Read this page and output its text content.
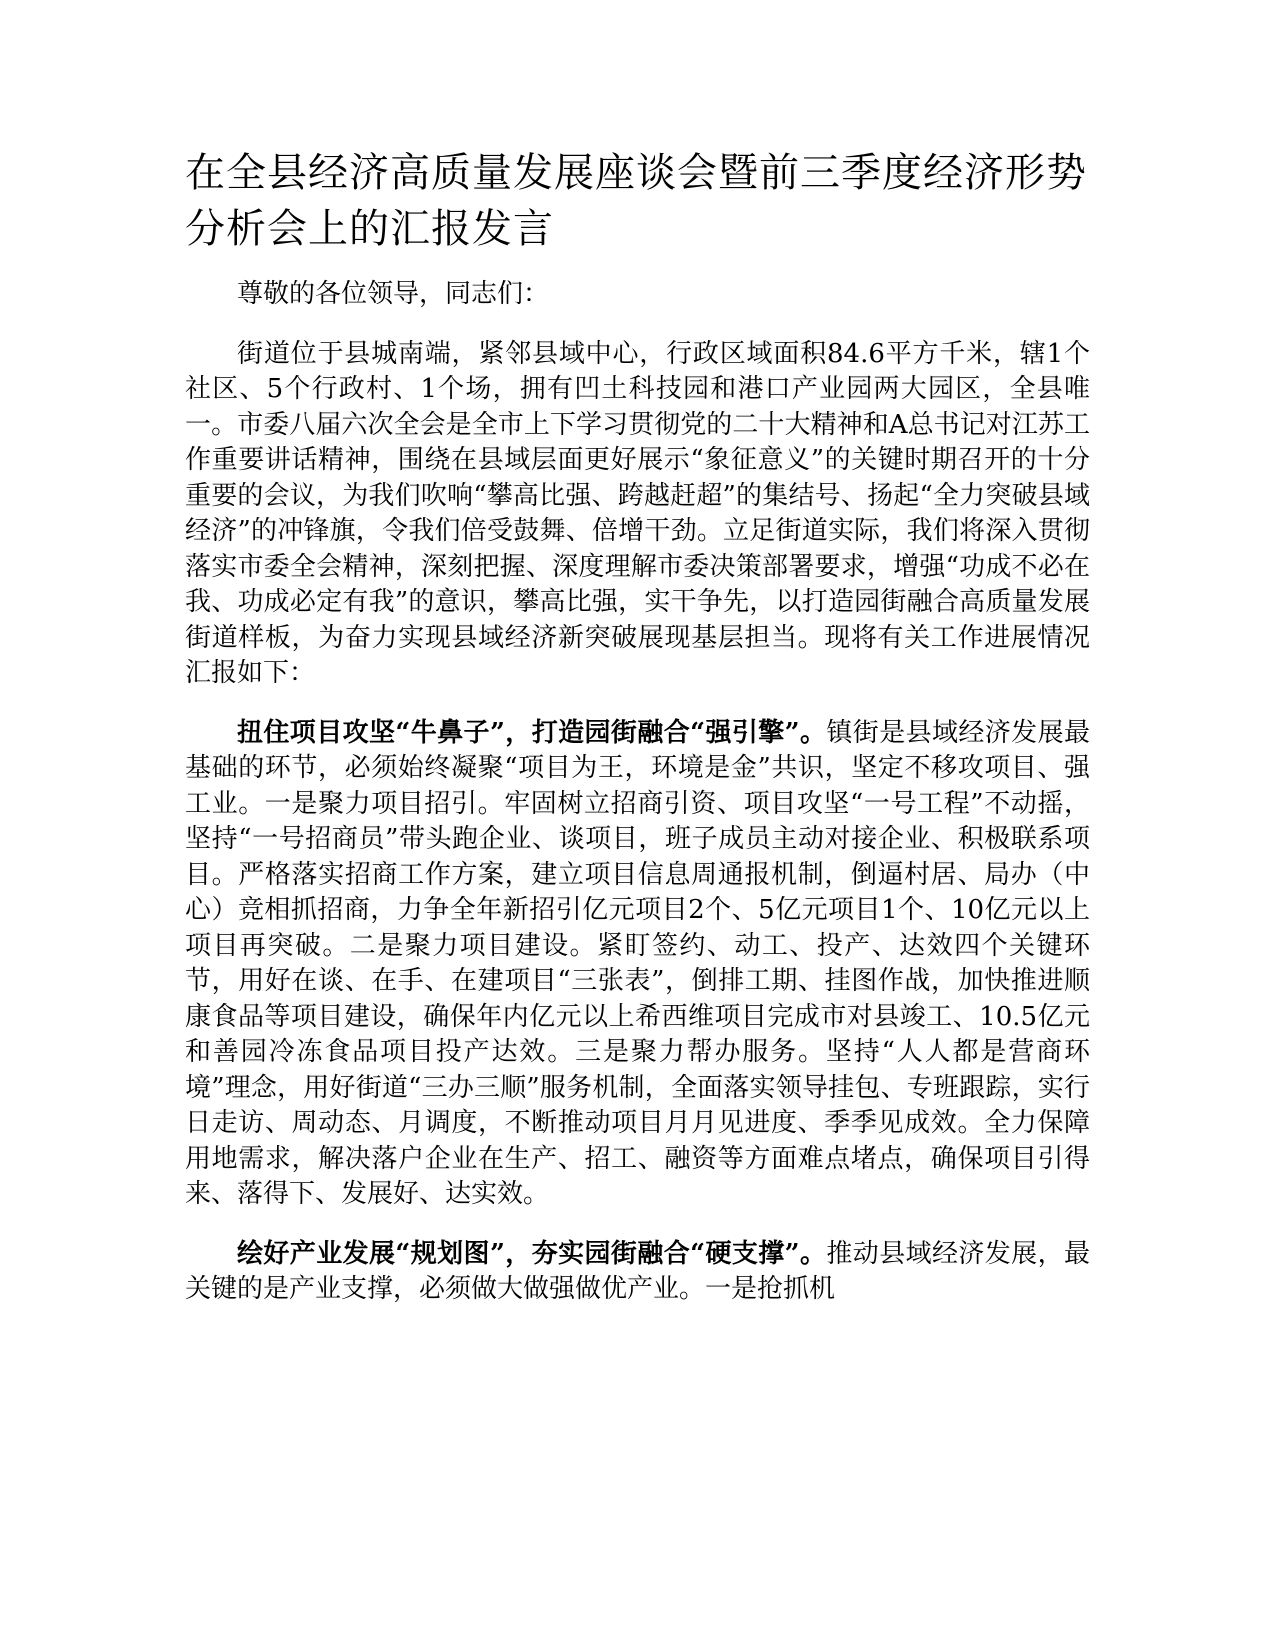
在全县经济高质量发展座谈会暨前三季度经济形势分析会上的汇报发言

尊敬的各位领导，同志们：

街道位于县城南端，紧邻县域中心，行政区域面积84.6平方千米，辖1个社区、5个行政村、1个场，拥有凹土科技园和港口产业园两大园区，全县唯一。市委八届六次全会是全市上下学习贯彻党的二十大精神和A总书记对江苏工作重要讲话精神，围绕在县域层面更好展示“象征意义”的关键时期召开的十分重要的会议，为我们吹响“攀高比强、跨越赶超”的集结号、扬起“全力突破县域经济”的冲锋旗，令我们倍受鼓舞、倍增干劲。立足街道实际，我们将深入贯彻落实市委全会精神，深刻把握、深度理解市委决策部署要求，增强“功成不必在我、功成必定有我”的意识，攀高比强，实干争先，以打造园街融合高质量发展街道样板，为奋力实现县域经济新突破展现基层担当。现将有关工作进展情况汇报如下：

扭住项目攻坚“牛鼻子”，打造园街融合“强引擎”。镇街是县域经济发展最基础的环节，必须始终凝聚“项目为王，环境是金”共识，坚定不移攻项目、强工业。一是聚力项目招引。牢固树立招商引资、项目攻坚“一号工程”不动摇，坚持“一号招商员”带头跑企业、谈项目，班子成员主动对接企业、积极联系项目。严格落实招商工作方案，建立项目信息周通报机制，倒逼村居、局办（中心）竞相抓招商，力争全年新招引亿元项目2个、5亿元项目1个、10亿元以上项目再突破。二是聚力项目建设。紧盯签约、动工、投产、达效四个关键环节，用好在谈、在手、在建项目“三张表”，倒排工期、挂图作战，加快推进顺康食品等项目建设，确保年内亿元以上希西维项目完成市对县竣工、10.5亿元和善园冷冻食品项目投产达效。三是聚力帮办服务。坚持“人人都是营商环境”理念，用好街道“三办三顺”服务机制，全面落实领导挂包、专班跟踪，实行日走访、周动态、月调度，不断推动项目月月见进度、季季见成效。全力保障用地需求，解决落户企业在生产、招工、融资等方面难点堵点，确保项目引得来、落得下、发展好、达实效。

绘好产业发展“规划图”，夯实园街融合“硬支撑”。推动县域经济发展，最关键的是产业支撑，必须做大做强做优产业。一是抢抓机
